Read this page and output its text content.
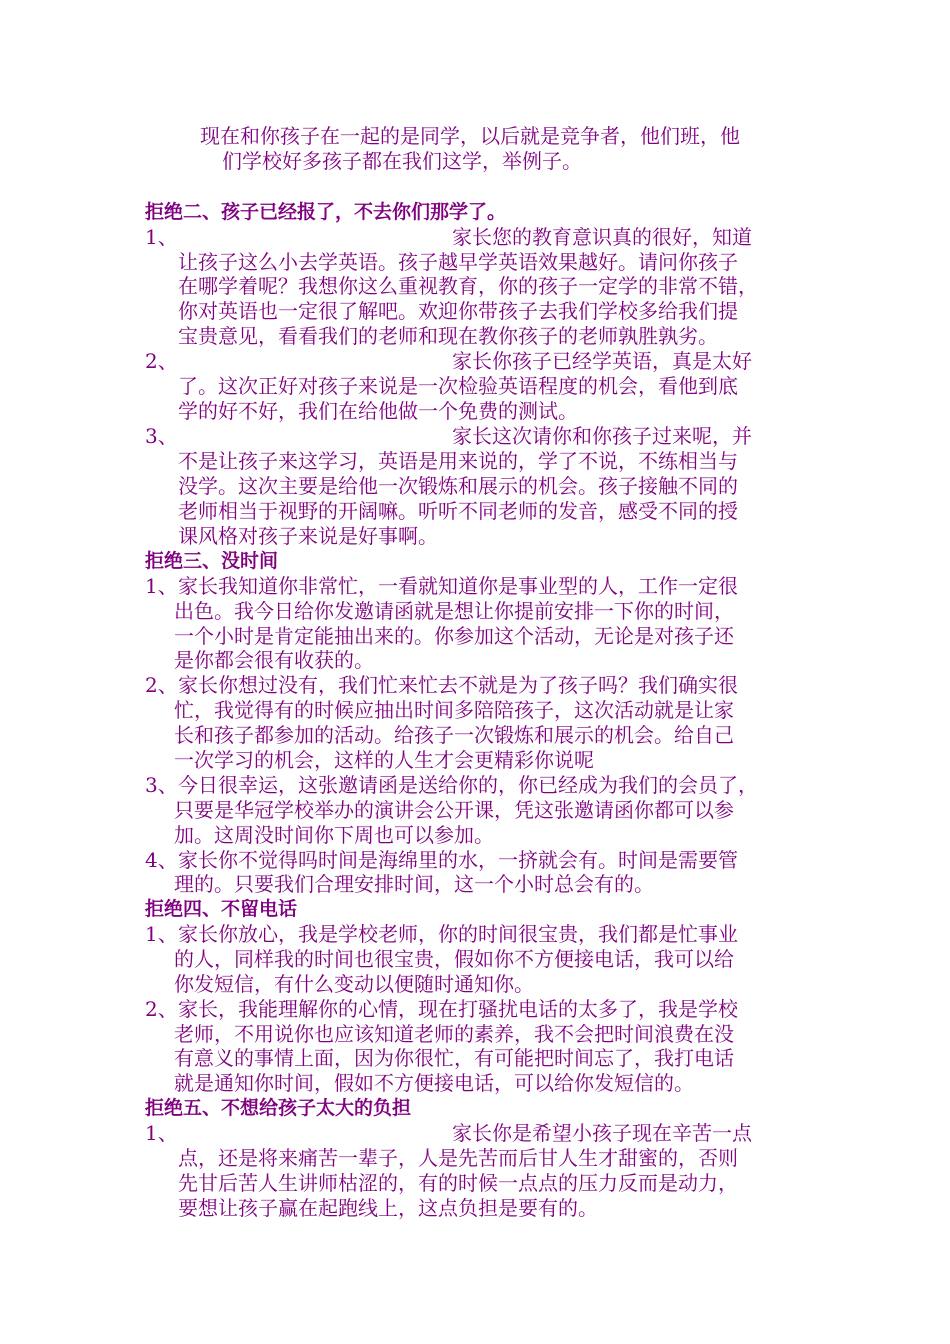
现在和你孩子在一起的是同学，以后就是竞争者，他们班，他
们学校好多孩子都在我们这学，举例子。
拒绝二、孩子已经报了，不去你们那学了。
1、	家长您的教育意识真的很好，知道
让孩子这么小去学英语。孩子越早学英语效果越好。请问你孩子
在哪学着呢？我想你这么重视教育，你的孩子一定学的非常不错，
你对英语也一定很了解吧。欢迎你带孩子去我们学校多给我们提
宝贵意见，看看我们的老师和现在教你孩子的老师孰胜孰劣。
2、	家长你孩子已经学英语，真是太好
了。这次正好对孩子来说是一次检验英语程度的机会，看他到底
学的好不好，我们在给他做一个免费的测试。
3、	家长这次请你和你孩子过来呢，并
不是让孩子来这学习，英语是用来说的，学了不说，不练相当与
没学。这次主要是给他一次锻炼和展示的机会。孩子接触不同的
老师相当于视野的开阔嘛。听听不同老师的发音，感受不同的授
课风格对孩子来说是好事啊。
拒绝三、没时间
1、 家长我知道你非常忙，一看就知道你是事业型的人，工作一定很
出色。我今日给你发邀请函就是想让你提前安排一下你的时间，
一个小时是肯定能抽出来的。你参加这个活动，无论是对孩子还
是你都会很有收获的。
2、 家长你想过没有，我们忙来忙去不就是为了孩子吗？我们确实很
忙，我觉得有的时候应抽出时间多陪陪孩子，这次活动就是让家
长和孩子都参加的活动。给孩子一次锻炼和展示的机会。给自己
一次学习的机会，这样的人生才会更精彩你说呢
3、 今日很幸运，这张邀请函是送给你的，你已经成为我们的会员了，
只要是华冠学校举办的演讲会公开课，凭这张邀请函你都可以参
加。这周没时间你下周也可以参加。
4、 家长你不觉得吗时间是海绵里的水，一挤就会有。时间是需要管
理的。只要我们合理安排时间，这一个小时总会有的。
拒绝四、不留电话
1、 家长你放心，我是学校老师，你的时间很宝贵，我们都是忙事业
的人，同样我的时间也很宝贵，假如你不方便接电话，我可以给
你发短信，有什么变动以便随时通知你。
2、 家长，我能理解你的心情，现在打骚扰电话的太多了，我是学校
老师，不用说你也应该知道老师的素养，我不会把时间浪费在没
有意义的事情上面，因为你很忙，有可能把时间忘了，我打电话
就是通知你时间，假如不方便接电话，可以给你发短信的。
拒绝五、不想给孩子太大的负担
1、	家长你是希望小孩子现在辛苦一点
点，还是将来痛苦一辈子，人是先苦而后甘人生才甜蜜的，否则
先甘后苦人生讲师枯涩的，有的时候一点点的压力反而是动力，
要想让孩子赢在起跑线上，这点负担是要有的。
